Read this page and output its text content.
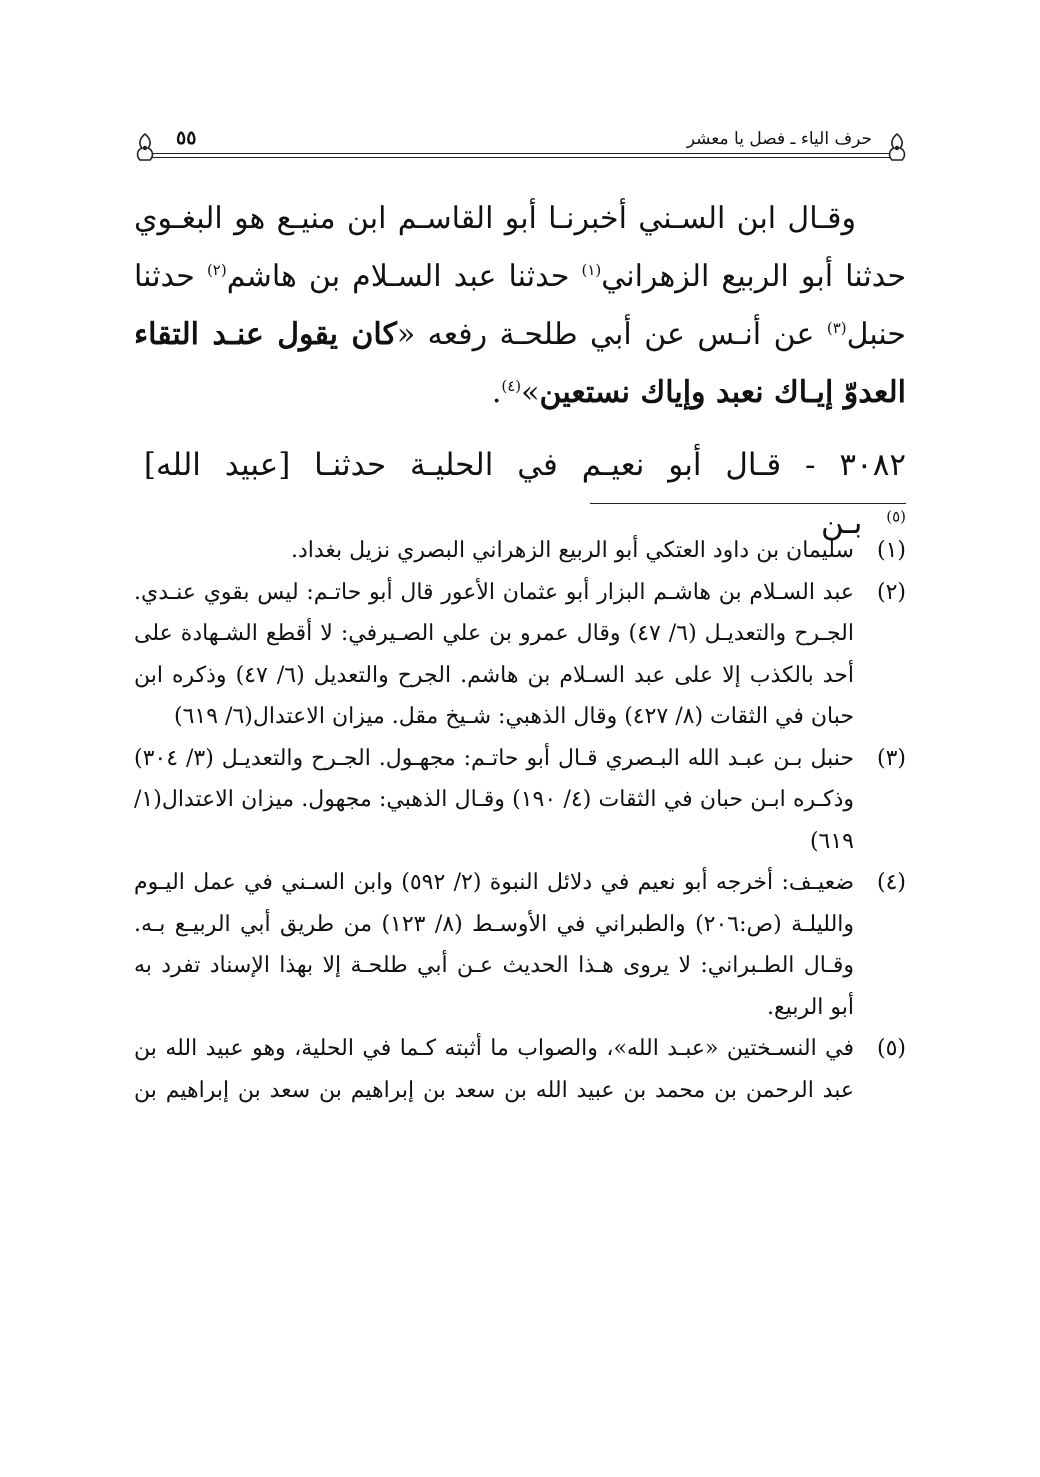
حرف الياء ـ فصل يا معشر
٥٥

وقـال ابن السـني أخبرنـا أبو القاسـم ابن منيـع هو البغـوي حدثنا أبو الربيع الزهراني$^{(١)}$ حدثنا عبد السـلام بن هاشم$^{(٢)}$ حدثنا حنبل$^{(٣)}$ عن أنـس عن أبي طلحـة رفعه «كان يقول عنـد التقاء العدوّ إيـاك نعبد وإياك نستعين»$^{(٤)}$.

٣٠٨٢ - قـال أبو نعيـم في الحليـة حدثنـا [عبيد الله]$^{(٥)}$ بـن
(١)
سليمان بن داود العتكي أبو الربيع الزهراني البصري نزيل بغداد.
(٢)
عبد السـلام بن هاشـم البزار أبو عثمان الأعور قال أبو حاتـم: ليس بقوي عنـدي. الجـرح والتعديـل (٦/ ٤٧) وقال عمرو بن علي الصـيرفي: لا أقطع الشـهادة على أحد بالكذب إلا على عبد السـلام بن هاشم. الجرح والتعديل (٦/ ٤٧) وذكره ابن حبان في الثقات (٨/ ٤٢٧) وقال الذهبي: شـيخ مقل. ميزان الاعتدال(٦/ ٦١٩)
(٣)
حنبل بـن عبـد الله البـصري قـال أبو حاتـم: مجهـول. الجـرح والتعديـل (٣/ ٣٠٤) وذكـره ابـن حبان في الثقات (٤/ ١٩٠) وقـال الذهبي: مجهول. ميزان الاعتدال(١/ ٦١٩)
(٤)
ضعيـف: أخرجه أبو نعيم في دلائل النبوة (٢/ ٥٩٢) وابن السـني في عمل اليـوم والليلـة (ص:٢٠٦) والطبراني في الأوسـط (٨/ ١٢٣) من طريق أبي الربيـع بـه. وقـال الطـبراني: لا يروى هـذا الحديث عـن أبي طلحـة إلا بهذا الإسناد تفرد به أبو الربيع.
(٥)
في النسـختين «عبـد الله»، والصواب ما أثبته كـما في الحلية، وهو عبيد الله بن عبد الرحمن بن محمد بن عبيد الله بن سعد بن إبراهيم بن سعد بن إبراهيم بن
